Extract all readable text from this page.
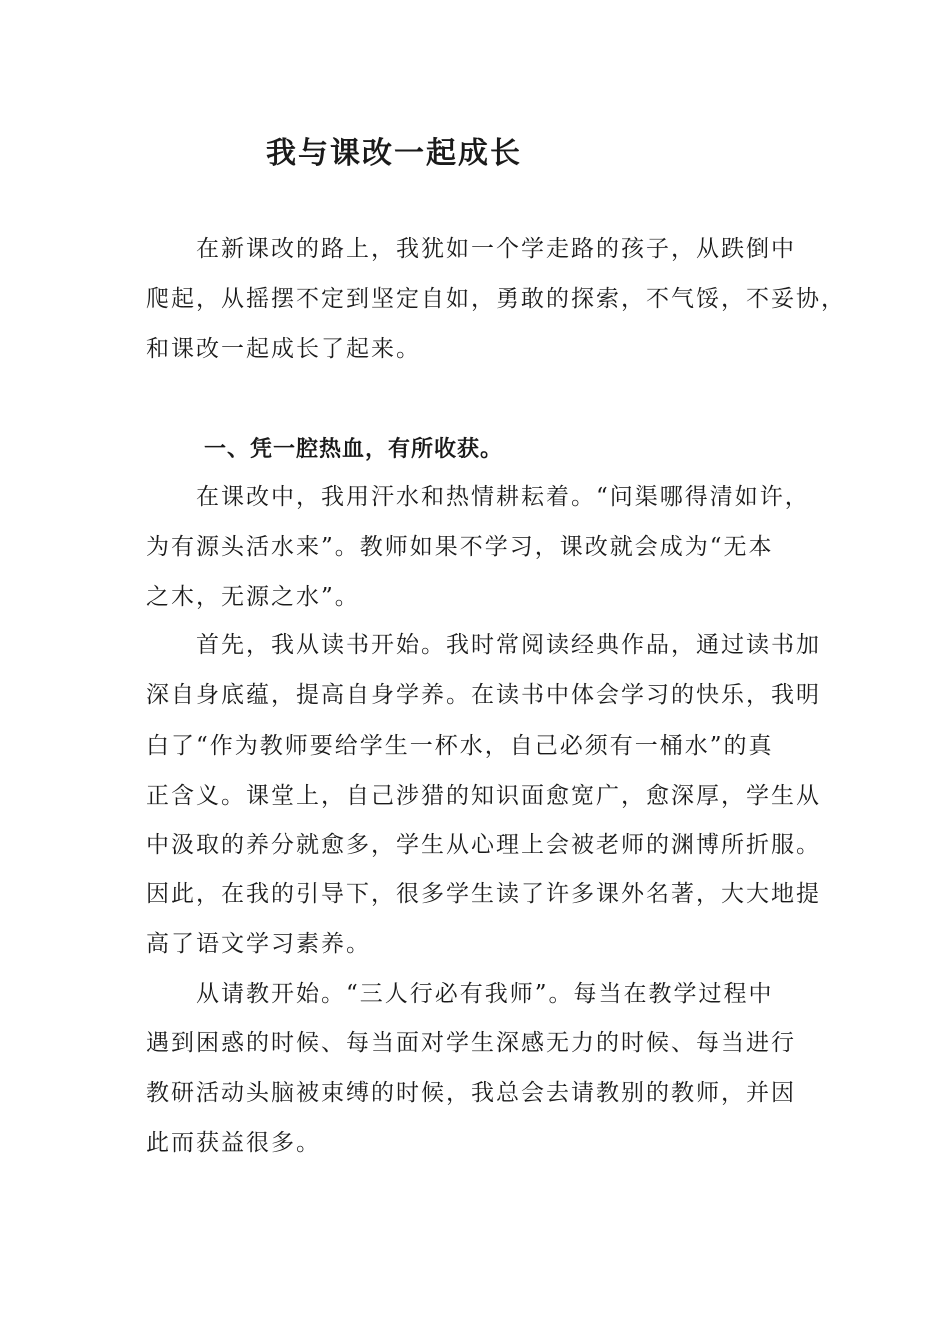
我与课改一起成长

在新课改的路上，我犹如一个学走路的孩子，从跌倒中

爬起，从摇摆不定到坚定自如，勇敢的探索，不气馁，不妥协，

和课改一起成长了起来。

一、凭一腔热血，有所收获。

在课改中，我用汗水和热情耕耘着。“问渠哪得清如许，

为有源头活水来”。教师如果不学习，课改就会成为“无本

之木，无源之水”。

首先，我从读书开始。我时常阅读经典作品，通过读书加

深自身底蕴，提高自身学养。在读书中体会学习的快乐，我明

白了“作为教师要给学生一杯水，自己必须有一桶水”的真

正含义。课堂上，自己涉猎的知识面愈宽广，愈深厚，学生从

中汲取的养分就愈多，学生从心理上会被老师的渊博所折服。

因此，在我的引导下，很多学生读了许多课外名著，大大地提

高了语文学习素养。

从请教开始。“三人行必有我师”。每当在教学过程中

遇到困惑的时候、每当面对学生深感无力的时候、每当进行

教研活动头脑被束缚的时候，我总会去请教别的教师，并因

此而获益很多。
